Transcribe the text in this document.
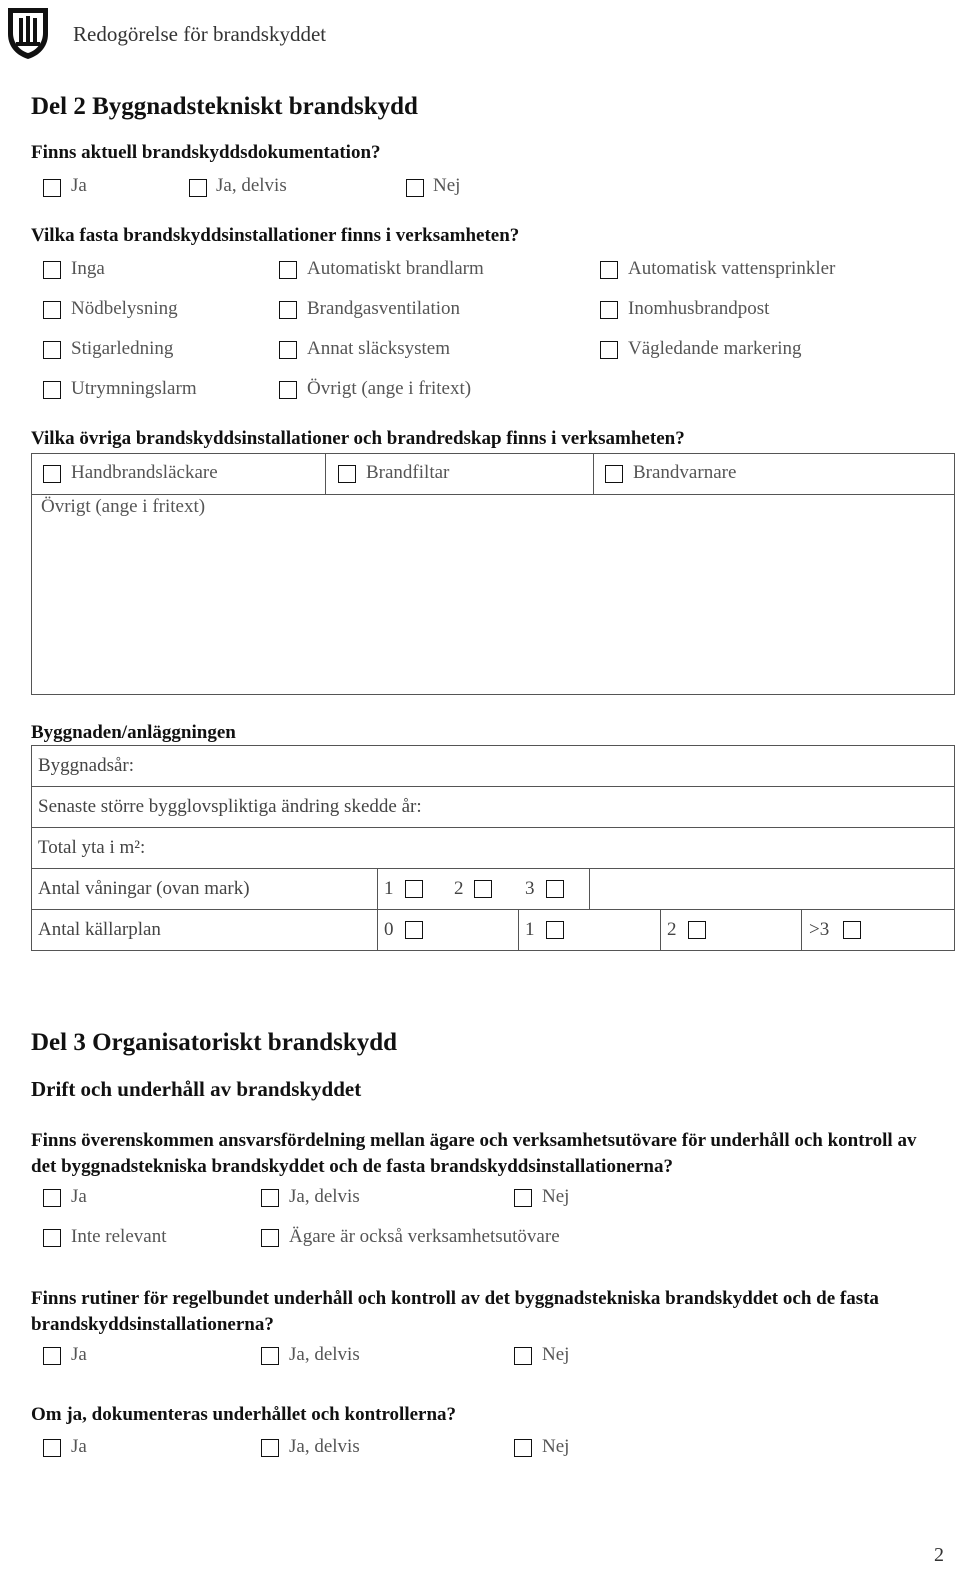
Redogörelse för brandskyddet
Del 2 Byggnadstekniskt brandskydd
Finns aktuell brandskyddsdokumentation?
Ja	Ja, delvis	Nej
Vilka fasta brandskyddsinstallationer finns i verksamheten?
Inga	Automatiskt brandlarm	Automatisk vattensprinkler
Nödbelysning	Brandgasventilation	Inomhusbrandpost
Stigarledning	Annat släcksystem	Vägledande markering
Utrymningslarm	Övrigt (ange i fritext)
Vilka övriga brandskyddsinstallationer och brandredskap finns i verksamheten?
Handbrandsläckare	Brandfiltar	Brandvarnare
Övrigt (ange i fritext)
Byggnaden/anläggningen
Byggnadsår:
Senaste större bygglovspliktiga ändring skedde år:
Total yta i m²:
Antal våningar (ovan mark)	1	2	3
Antal källarplan	0	1	2	>3
Del 3 Organisatoriskt brandskydd
Drift och underhåll av brandskyddet
Finns överenskommen ansvarsfördelning mellan ägare och verksamhetsutövare för underhåll och kontroll av det byggnadstekniska brandskyddet och de fasta brandskyddsinstallationerna?
Ja	Ja, delvis	Nej
Inte relevant	Ägare är också verksamhetsutövare
Finns rutiner för regelbundet underhåll och kontroll av det byggnadstekniska brandskyddet och de fasta brandskyddsinstallationerna?
Ja	Ja, delvis	Nej
Om ja, dokumenteras underhållet och kontrollerna?
Ja	Ja, delvis	Nej
2
